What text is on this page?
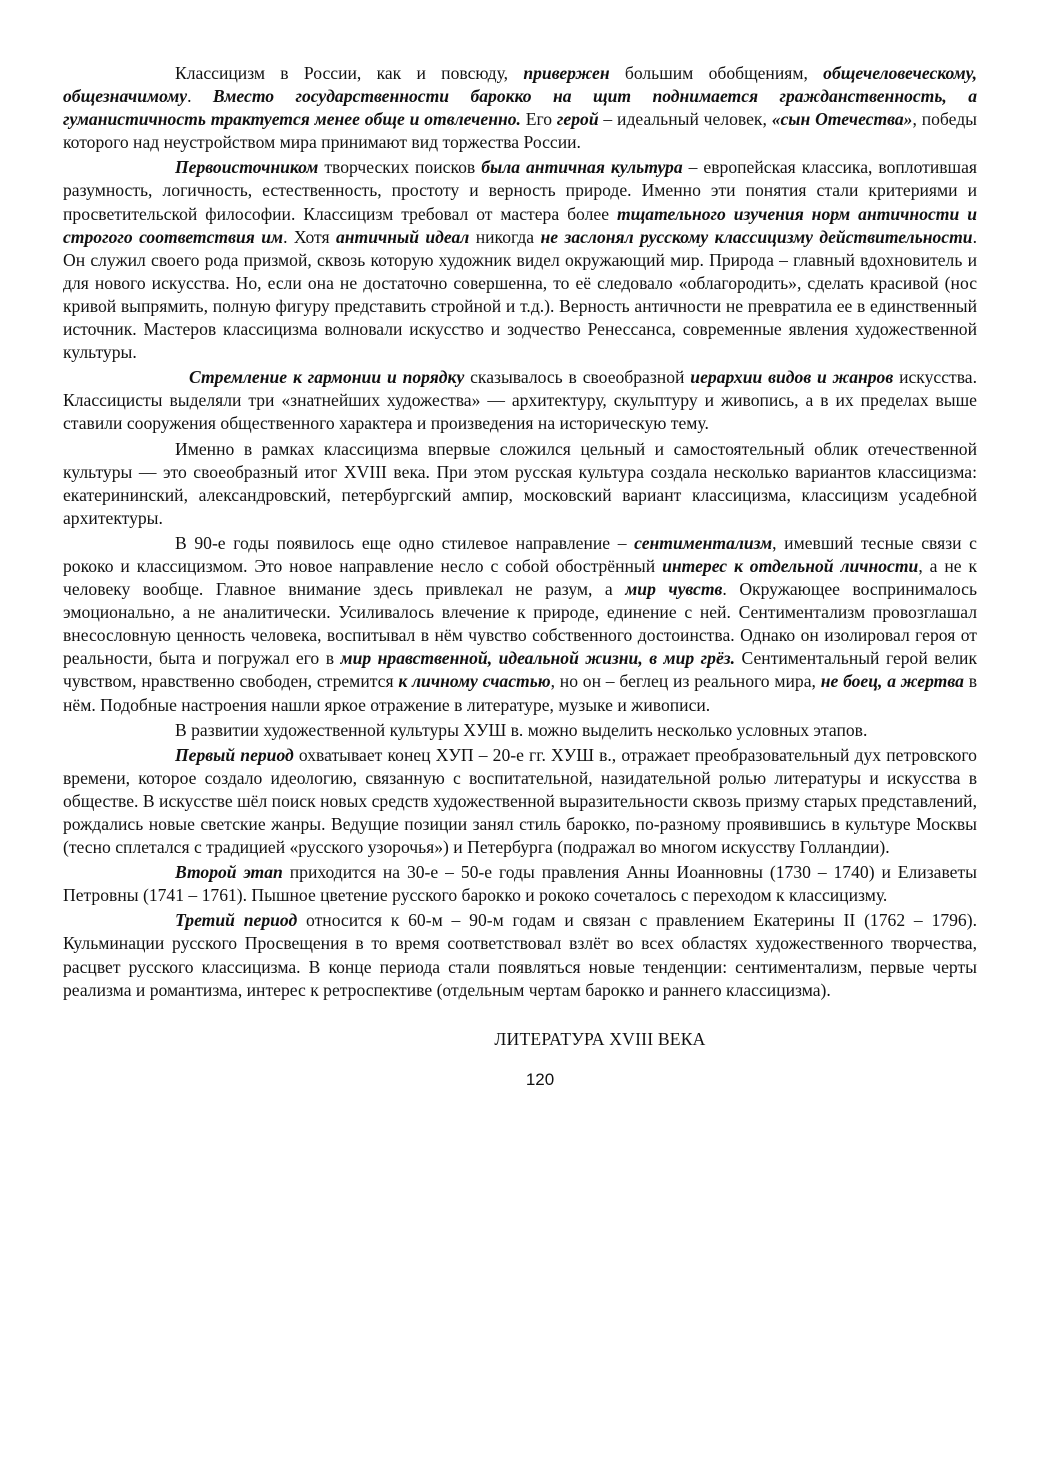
Классицизм в России, как и повсюду, привержен большим обобщениям, общечеловеческому, общезначимому. Вместо государственности барокко на щит поднимается гражданственность, а гуманистичность трактуется менее обще и отвлеченно. Его герой – идеальный человек, «сын Отечества», победы которого над неустройством мира принимают вид торжества России.

Первоисточником творческих поисков была античная культура – европейская классика, воплотившая разумность, логичность, естественность, простоту и верность природе. Именно эти понятия стали критериями и просветительской философии. Классицизм требовал от мастера более тщательного изучения норм античности и строгого соответствия им. Хотя античный идеал никогда не заслонял русскому классицизму действительности. Он служил своего рода призмой, сквозь которую художник видел окружающий мир. Природа – главный вдохновитель и для нового искусства. Но, если она не достаточно совершенна, то её следовало «облагородить», сделать красивой (нос кривой выпрямить, полную фигуру представить стройной и т.д.). Верность античности не превратила ее в единственный источник. Мастеров классицизма волновали искусство и зодчество Ренессанса, современные явления художественной культуры.

Стремление к гармонии и порядку сказывалось в своеобразной иерархии видов и жанров искусства. Классицисты выделяли три «знатнейших художества» — архитектуру, скульптуру и живопись, а в их пределах выше ставили сооружения общественного характера и произведения на историческую тему.

Именно в рамках классицизма впервые сложился цельный и самостоятельный облик отечественной культуры — это своеобразный итог XVIII века. При этом русская культура создала несколько вариантов классицизма: екатерининский, александровский, петербургский ампир, московский вариант классицизма, классицизм усадебной архитектуры.

В 90-е годы появилось еще одно стилевое направление – сентиментализм, имевший тесные связи с рококо и классицизмом. Это новое направление несло с собой обострённый интерес к отдельной личности, а не к человеку вообще. Главное внимание здесь привлекал не разум, а мир чувств. Окружающее воспринималось эмоционально, а не аналитически. Усиливалось влечение к природе, единение с ней. Сентиментализм провозглашал внесословную ценность человека, воспитывал в нём чувство собственного достоинства. Однако он изолировал героя от реальности, быта и погружал его в мир нравственной, идеальной жизни, в мир грёз. Сентиментальный герой велик чувством, нравственно свободен, стремится к личному счастью, но он – беглец из реального мира, не боец, а жертва в нём. Подобные настроения нашли яркое отражение в литературе, музыке и живописи.

В развитии художественной культуры ХУШ в. можно выделить несколько условных этапов.

Первый период охватывает конец ХУП – 20-е гг. ХУШ в., отражает преобразовательный дух петровского времени, которое создало идеологию, связанную с воспитательной, назидательной ролью литературы и искусства в обществе. В искусстве шёл поиск новых средств художественной выразительности сквозь призму старых представлений, рождались новые светские жанры. Ведущие позиции занял стиль барокко, по-разному проявившись в культуре Москвы (тесно сплетался с традицией «русского узорочья») и Петербурга (подражал во многом искусству Голландии).

Второй этап приходится на 30-е – 50-е годы правления Анны Иоанновны (1730 – 1740) и Елизаветы Петровны (1741 – 1761). Пышное цветение русского барокко и рококо сочеталось с переходом к классицизму.

Третий период относится к 60-м – 90-м годам и связан с правлением Екатерины II (1762 – 1796). Кульминации русского Просвещения в то время соответствовал взлёт во всех областях художественного творчества, расцвет русского классицизма. В конце периода стали появляться новые тенденции: сентиментализм, первые черты реализма и романтизма, интерес к ретроспективе (отдельным чертам барокко и раннего классицизма).

ЛИТЕРАТУРА XVIII ВЕКА
120
